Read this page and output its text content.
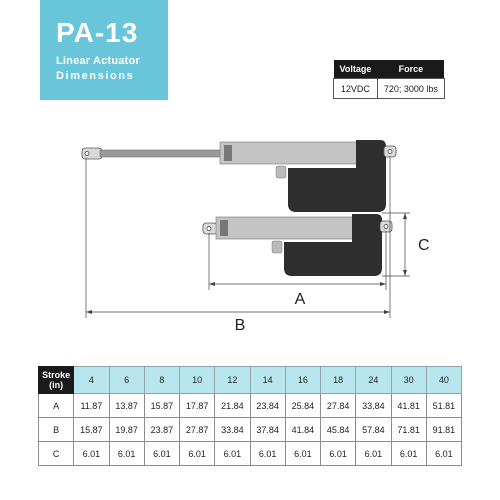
PA-13
Linear Actuator
Dimensions
Voltage	Force
12VDC	720; 3000 lbs
A
B
C
Stroke
(in)	4	6	8	10	12	14	16	18	24	30	40
A	11.87	13.87	15.87	17.87	21.84	23.84	25.84	27.84	33.84	41.81	51.81
B	15.87	19.87	23.87	27.87	33.84	37.84	41.84	45.84	57.84	71.81	91.81
C	6.01	6.01	6.01	6.01	6.01	6.01	6.01	6.01	6.01	6.01	6.01
